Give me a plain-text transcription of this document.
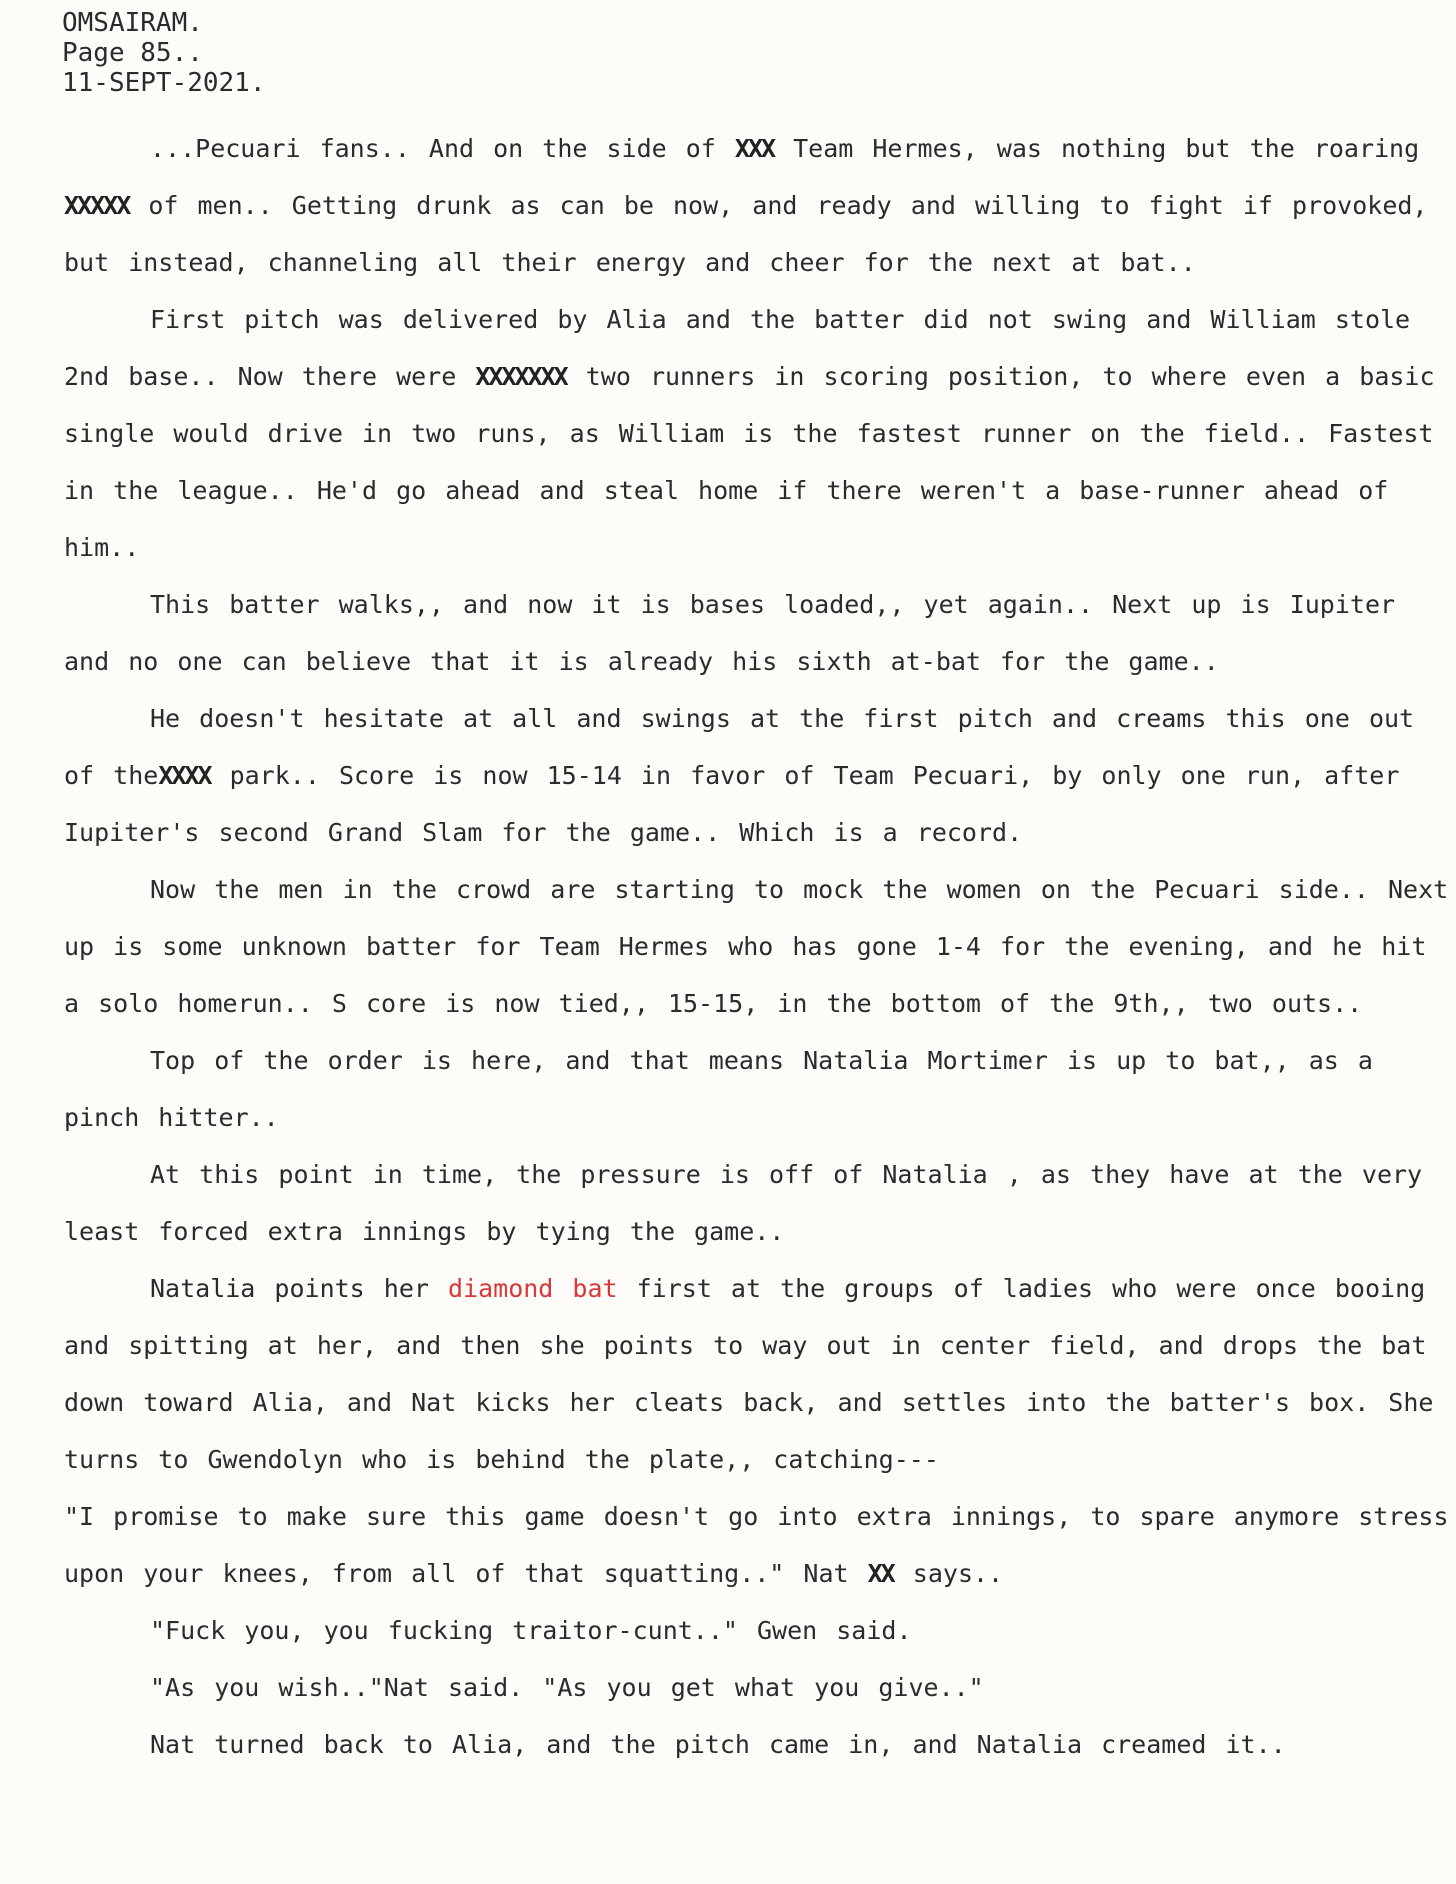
OMSAIRAM.
Page 85..
11-SEPT-2021.

...Pecuari fans.. And on the side of XXX Team Hermes, was nothing but the roaring XXXXX of men.. Getting drunk as can be now, and ready and willing to fight if provoked, but instead, channeling all their energy and cheer for the next at bat..

First pitch was delivered by Alia and the batter did not swing and William stole 2nd base.. Now there were XXXXXXX two runners in scoring position, to where even a basic single would drive in two runs, as William is the fastest runner on the field.. Fastest in the league.. He'd go ahead and steal home if there weren't a base-runner ahead of him..

This batter walks,, and now it is bases loaded,, yet again.. Next up is Iupiter and no one can believe that it is already his sixth at-bat for the game..

He doesn't hesitate at all and swings at the first pitch and creams this one out of theXXXX park.. Score is now 15-14 in favor of Team Pecuari, by only one run, after Iupiter's second Grand Slam for the game.. Which is a record.

Now the men in the crowd are starting to mock the women on the Pecuari side.. Next up is some unknown batter for Team Hermes who has gone 1-4 for the evening, and he hit a solo homerun.. S core is now tied,, 15-15, in the bottom of the 9th,, two outs..

Top of the order is here, and that means Natalia Mortimer is up to bat,, as a pinch hitter..

At this point in time, the pressure is off of Natalia , as they have at the very least forced extra innings by tying the game..

Natalia points her diamond bat first at the groups of ladies who were once booing and spitting at her, and then she points to way out in center field, and drops the bat down toward Alia, and Nat kicks her cleats back, and settles into the batter's box. She turns to Gwendolyn who is behind the plate,, catching---

"I promise to make sure this game doesn't go into extra innings, to spare anymore stress upon your knees, from all of that squatting.." Nat XX says..

"Fuck you, you fucking traitor-cunt.." Gwen said.

"As you wish.."Nat said. "As you get what you give.."

Nat turned back to Alia, and the pitch came in, and Natalia creamed it..
